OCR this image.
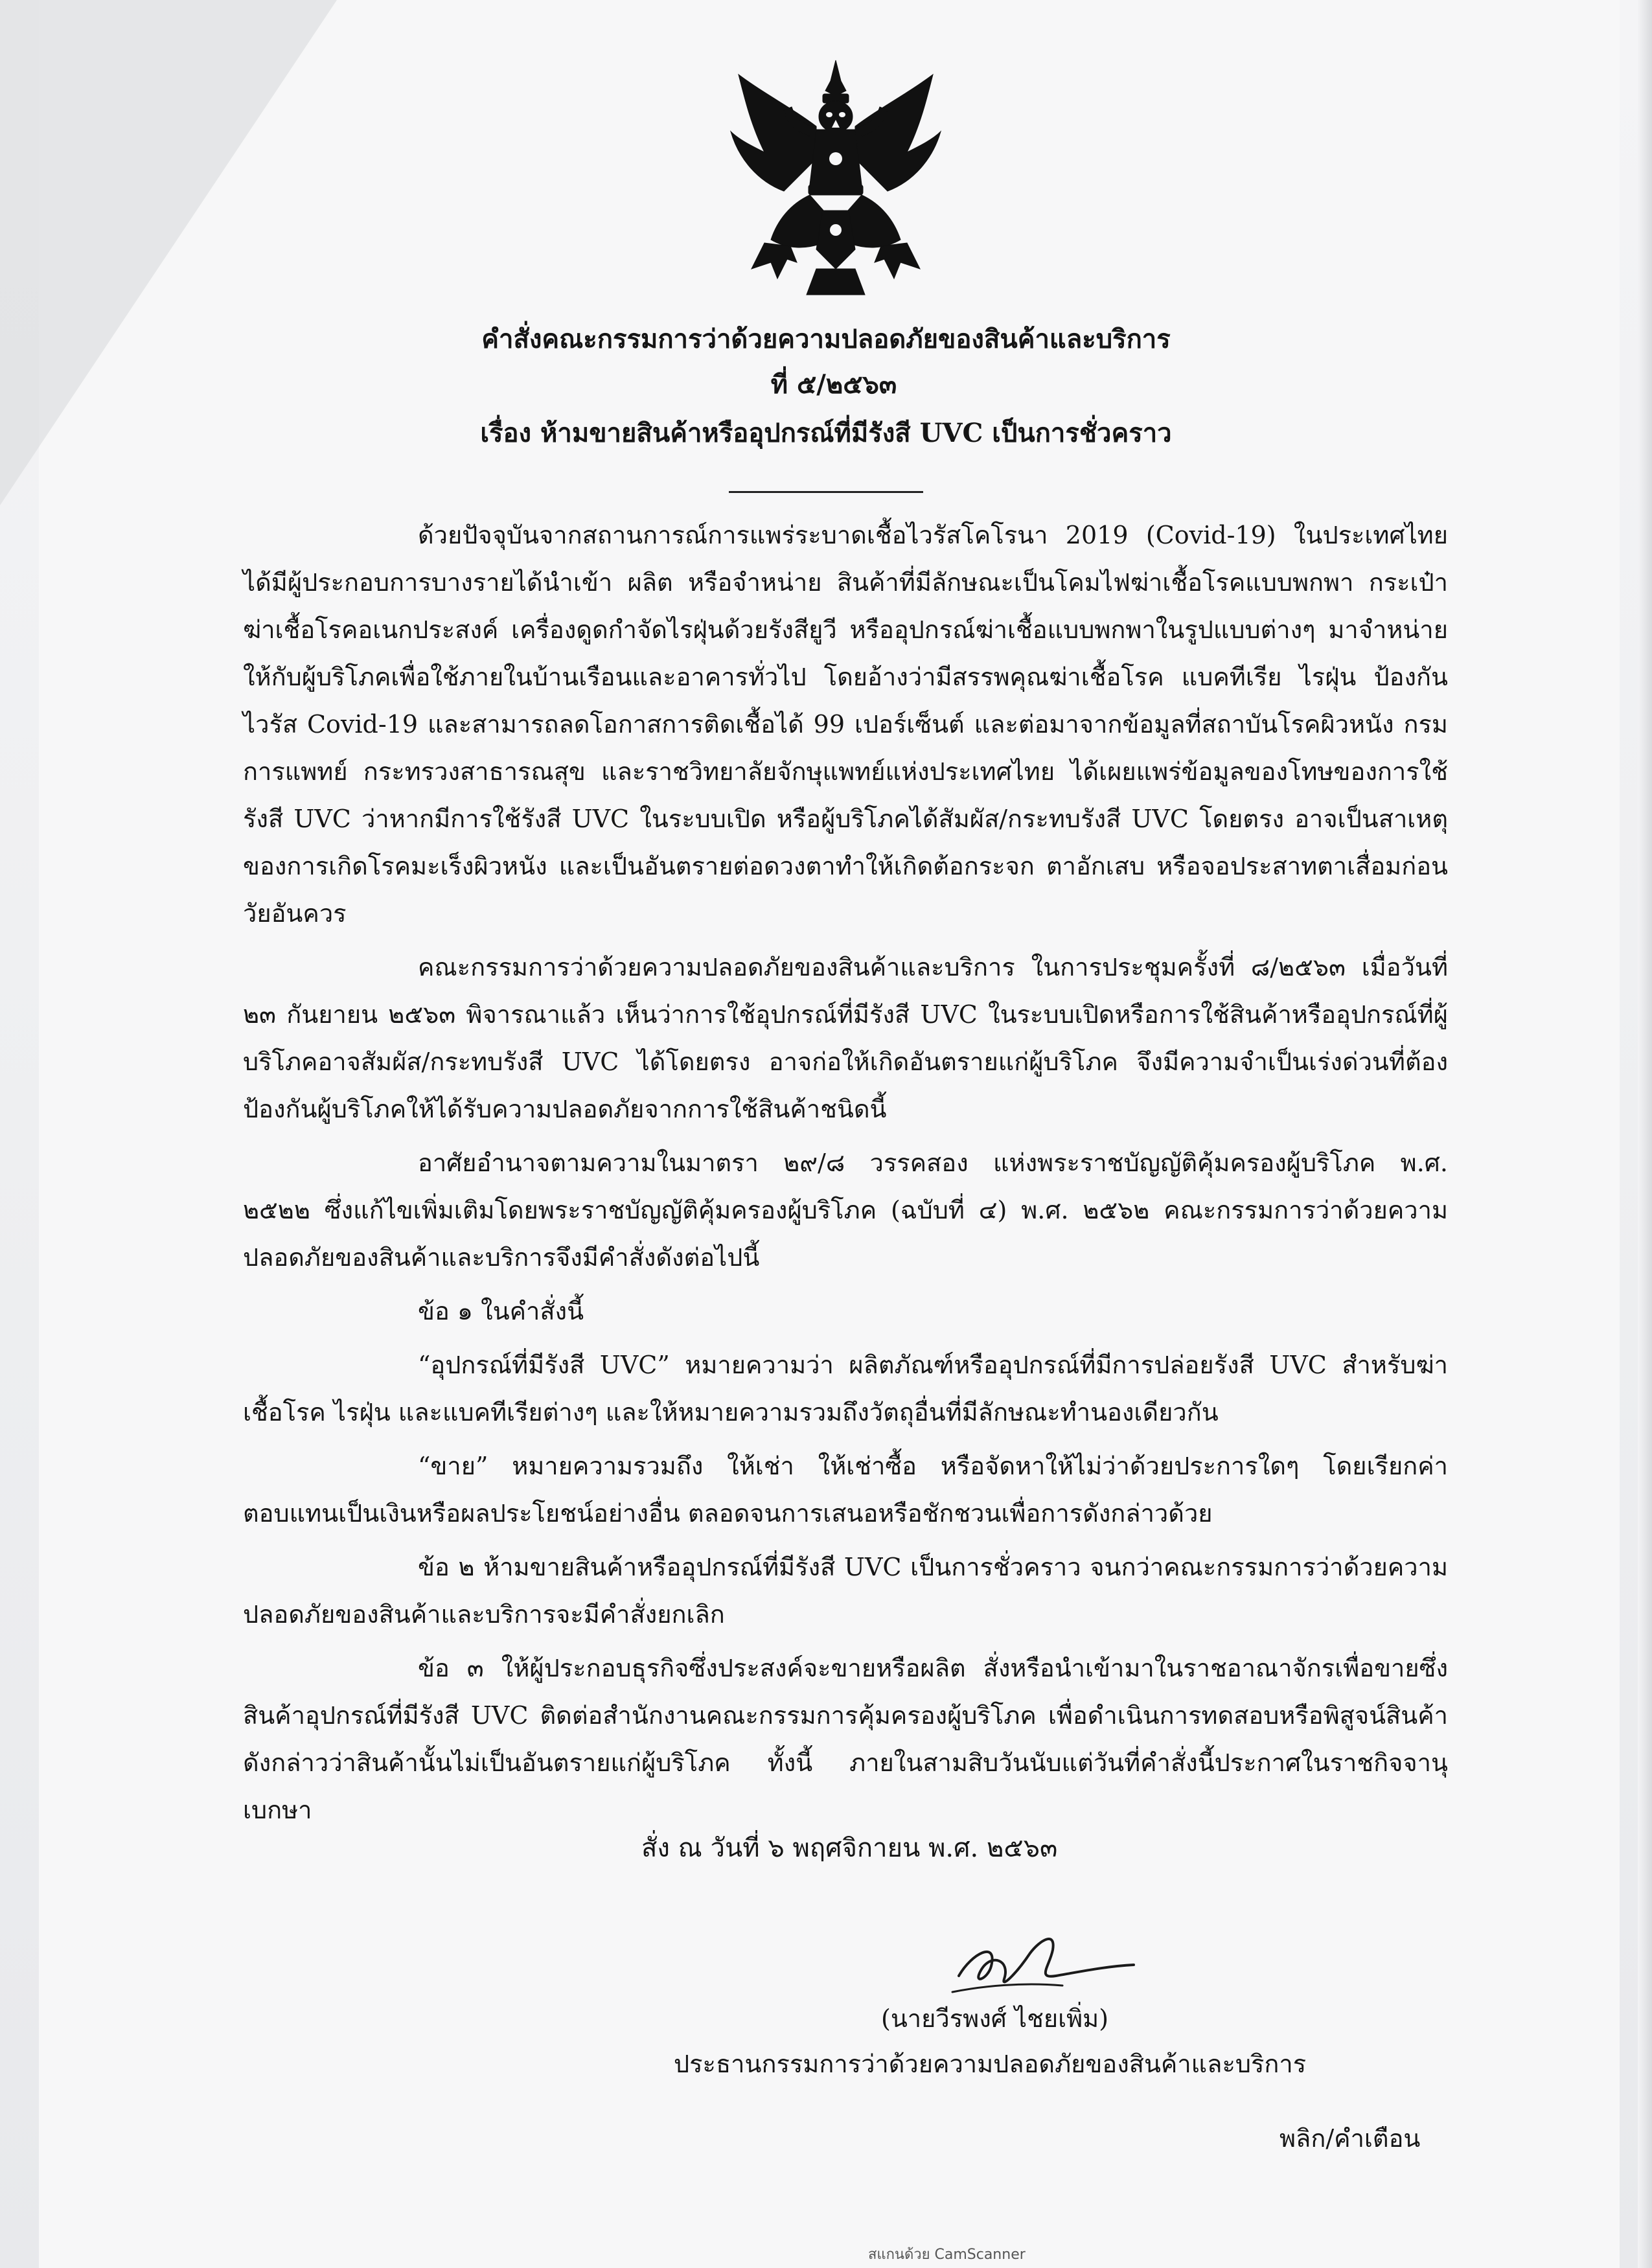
คำสั่งคณะกรรมการว่าด้วยความปลอดภัยของสินค้าและบริการ
ที่ ๕/๒๕๖๓
เรื่อง ห้ามขายสินค้าหรืออุปกรณ์ที่มีรังสี UVC เป็นการชั่วคราว

ด้วยปัจจุบันจากสถานการณ์การแพร่ระบาดเชื้อไวรัสโคโรนา 2019 (Covid-19) ในประเทศไทย ได้มีผู้ประกอบการบางรายได้นำเข้า ผลิต หรือจำหน่าย สินค้าที่มีลักษณะเป็นโคมไฟฆ่าเชื้อโรคแบบพกพา กระเป๋าฆ่าเชื้อโรคอเนกประสงค์ เครื่องดูดกำจัดไรฝุ่นด้วยรังสียูวี หรืออุปกรณ์ฆ่าเชื้อแบบพกพาในรูปแบบต่างๆ มาจำหน่ายให้กับผู้บริโภคเพื่อใช้ภายในบ้านเรือนและอาคารทั่วไป โดยอ้างว่ามีสรรพคุณฆ่าเชื้อโรค แบคทีเรีย ไรฝุ่น ป้องกันไวรัส Covid-19 และสามารถลดโอกาสการติดเชื้อได้ 99 เปอร์เซ็นต์ และต่อมาจากข้อมูลที่สถาบันโรคผิวหนัง กรมการแพทย์ กระทรวงสาธารณสุข และราชวิทยาลัยจักษุแพทย์แห่งประเทศไทย ได้เผยแพร่ข้อมูลของโทษของการใช้รังสี UVC ว่าหากมีการใช้รังสี UVC ในระบบเปิด หรือผู้บริโภคได้สัมผัส/กระทบรังสี UVC โดยตรง อาจเป็นสาเหตุของการเกิดโรคมะเร็งผิวหนัง และเป็นอันตรายต่อดวงตาทำให้เกิดต้อกระจก ตาอักเสบ หรือจอประสาทตาเสื่อมก่อนวัยอันควร

คณะกรรมการว่าด้วยความปลอดภัยของสินค้าและบริการ ในการประชุมครั้งที่ ๘/๒๕๖๓ เมื่อวันที่ ๒๓ กันยายน ๒๕๖๓ พิจารณาแล้ว เห็นว่าการใช้อุปกรณ์ที่มีรังสี UVC ในระบบเปิดหรือการใช้สินค้าหรืออุปกรณ์ที่ผู้บริโภคอาจสัมผัส/กระทบรังสี UVC ได้โดยตรง อาจก่อให้เกิดอันตรายแก่ผู้บริโภค จึงมีความจำเป็นเร่งด่วนที่ต้องป้องกันผู้บริโภคให้ได้รับความปลอดภัยจากการใช้สินค้าชนิดนี้

อาศัยอำนาจตามความในมาตรา ๒๙/๘ วรรคสอง แห่งพระราชบัญญัติคุ้มครองผู้บริโภค พ.ศ. ๒๕๒๒ ซึ่งแก้ไขเพิ่มเติมโดยพระราชบัญญัติคุ้มครองผู้บริโภค (ฉบับที่ ๔) พ.ศ. ๒๕๖๒ คณะกรรมการว่าด้วยความปลอดภัยของสินค้าและบริการจึงมีคำสั่งดังต่อไปนี้

ข้อ ๑ ในคำสั่งนี้

“อุปกรณ์ที่มีรังสี UVC” หมายความว่า ผลิตภัณฑ์หรืออุปกรณ์ที่มีการปล่อยรังสี UVC สำหรับฆ่าเชื้อโรค ไรฝุ่น และแบคทีเรียต่างๆ และให้หมายความรวมถึงวัตถุอื่นที่มีลักษณะทำนองเดียวกัน

“ขาย” หมายความรวมถึง ให้เช่า ให้เช่าซื้อ หรือจัดหาให้ไม่ว่าด้วยประการใดๆ โดยเรียกค่าตอบแทนเป็นเงินหรือผลประโยชน์อย่างอื่น ตลอดจนการเสนอหรือชักชวนเพื่อการดังกล่าวด้วย

ข้อ ๒ ห้ามขายสินค้าหรืออุปกรณ์ที่มีรังสี UVC เป็นการชั่วคราว จนกว่าคณะกรรมการว่าด้วยความปลอดภัยของสินค้าและบริการจะมีคำสั่งยกเลิก

ข้อ ๓ ให้ผู้ประกอบธุรกิจซึ่งประสงค์จะขายหรือผลิต สั่งหรือนำเข้ามาในราชอาณาจักรเพื่อขายซึ่งสินค้าอุปกรณ์ที่มีรังสี UVC ติดต่อสำนักงานคณะกรรมการคุ้มครองผู้บริโภค เพื่อดำเนินการทดสอบหรือพิสูจน์สินค้าดังกล่าวว่าสินค้านั้นไม่เป็นอันตรายแก่ผู้บริโภค ทั้งนี้ ภายในสามสิบวันนับแต่วันที่คำสั่งนี้ประกาศในราชกิจจานุเบกษา

สั่ง ณ วันที่ ๖ พฤศจิกายน พ.ศ. ๒๕๖๓
(นายวีรพงศ์ ไชยเพิ่ม)
ประธานกรรมการว่าด้วยความปลอดภัยของสินค้าและบริการ
พลิก/คำเตือน
สแกนด้วย CamScanner
